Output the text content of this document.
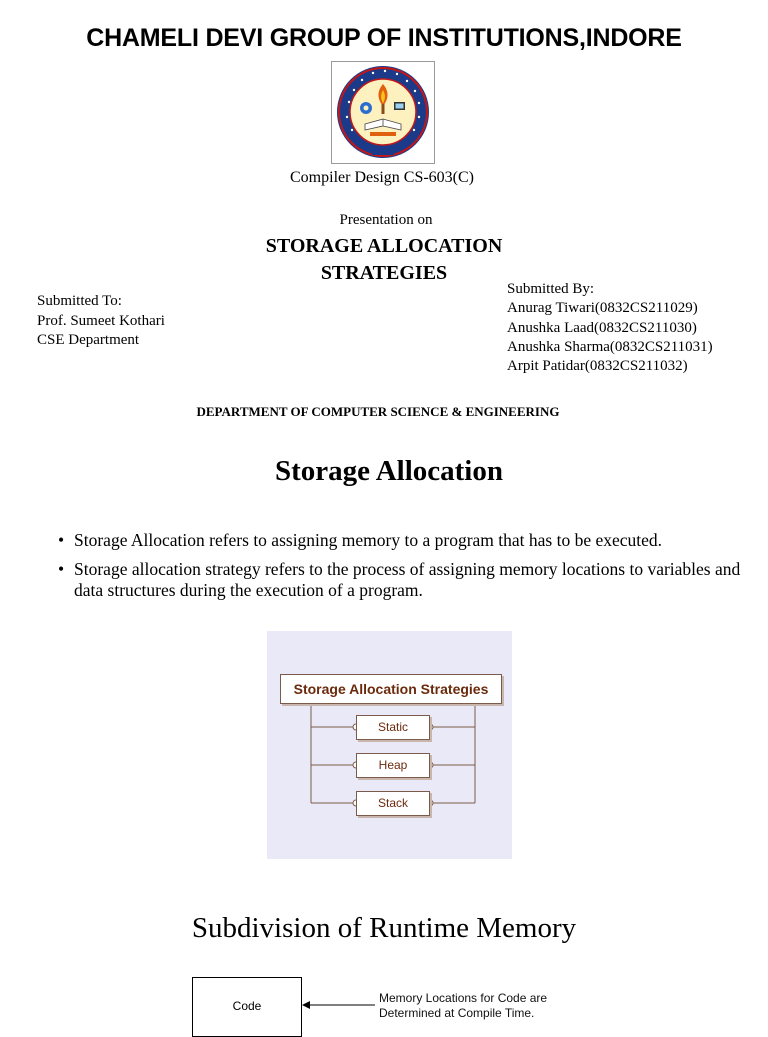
CHAMELI DEVI GROUP OF INSTITUTIONS,INDORE
Compiler Design CS-603(C)
Presentation on
STORAGE ALLOCATION
STRATEGIES
Submitted To:
Prof. Sumeet Kothari
CSE Department
Submitted By:
Anurag Tiwari(0832CS211029)
Anushka Laad(0832CS211030)
Anushka Sharma(0832CS211031)
Arpit Patidar(0832CS211032)
DEPARTMENT OF COMPUTER SCIENCE & ENGINEERING
Storage Allocation
• Storage Allocation refers to assigning memory to a program that has to be executed.
• Storage allocation strategy refers to the process of assigning memory locations to variables and data structures during the execution of a program.
Storage Allocation Strategies
Static
Heap
Stack
Subdivision of Runtime Memory
Code
Memory Locations for Code are
Determined at Compile Time.
